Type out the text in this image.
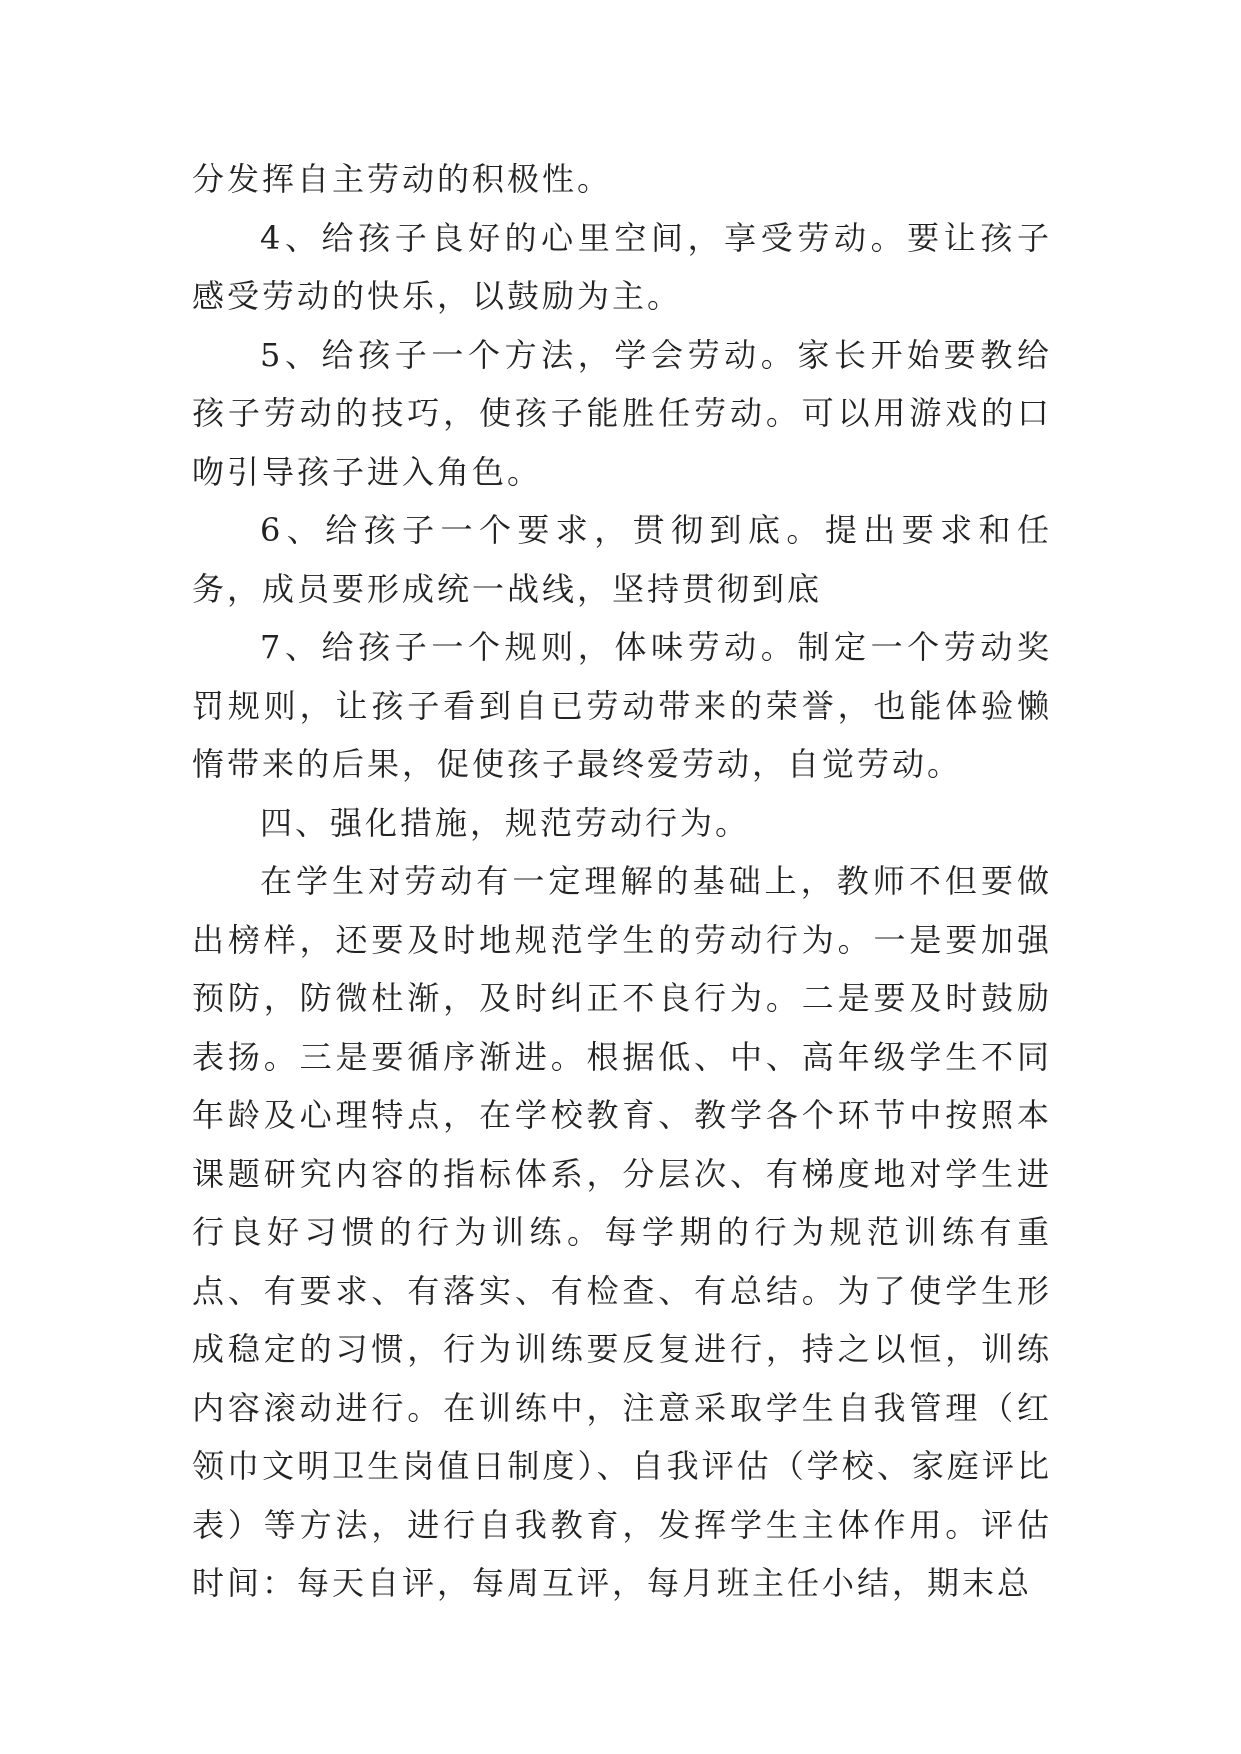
分发挥自主劳动的积极性。

4、给孩子良好的心里空间，享受劳动。要让孩子感受劳动的快乐，以鼓励为主。

5、给孩子一个方法，学会劳动。家长开始要教给孩子劳动的技巧，使孩子能胜任劳动。可以用游戏的口吻引导孩子进入角色。

6、给孩子一个要求，贯彻到底。提出要求和任务，成员要形成统一战线，坚持贯彻到底

7、给孩子一个规则，体味劳动。制定一个劳动奖罚规则，让孩子看到自已劳动带来的荣誉，也能体验懒惰带来的后果，促使孩子最终爱劳动，自觉劳动。

四、强化措施，规范劳动行为。

在学生对劳动有一定理解的基础上，教师不但要做出榜样，还要及时地规范学生的劳动行为。一是要加强预防，防微杜渐，及时纠正不良行为。二是要及时鼓励表扬。三是要循序渐进。根据低、中、高年级学生不同年龄及心理特点，在学校教育、教学各个环节中按照本课题研究内容的指标体系，分层次、有梯度地对学生进行良好习惯的行为训练。每学期的行为规范训练有重点、有要求、有落实、有检查、有总结。为了使学生形成稳定的习惯，行为训练要反复进行，持之以恒，训练内容滚动进行。在训练中，注意采取学生自我管理（红领巾文明卫生岗值日制度）、自我评估（学校、家庭评比表）等方法，进行自我教育，发挥学生主体作用。评估时间：每天自评，每周互评，每月班主任小结，期末总
